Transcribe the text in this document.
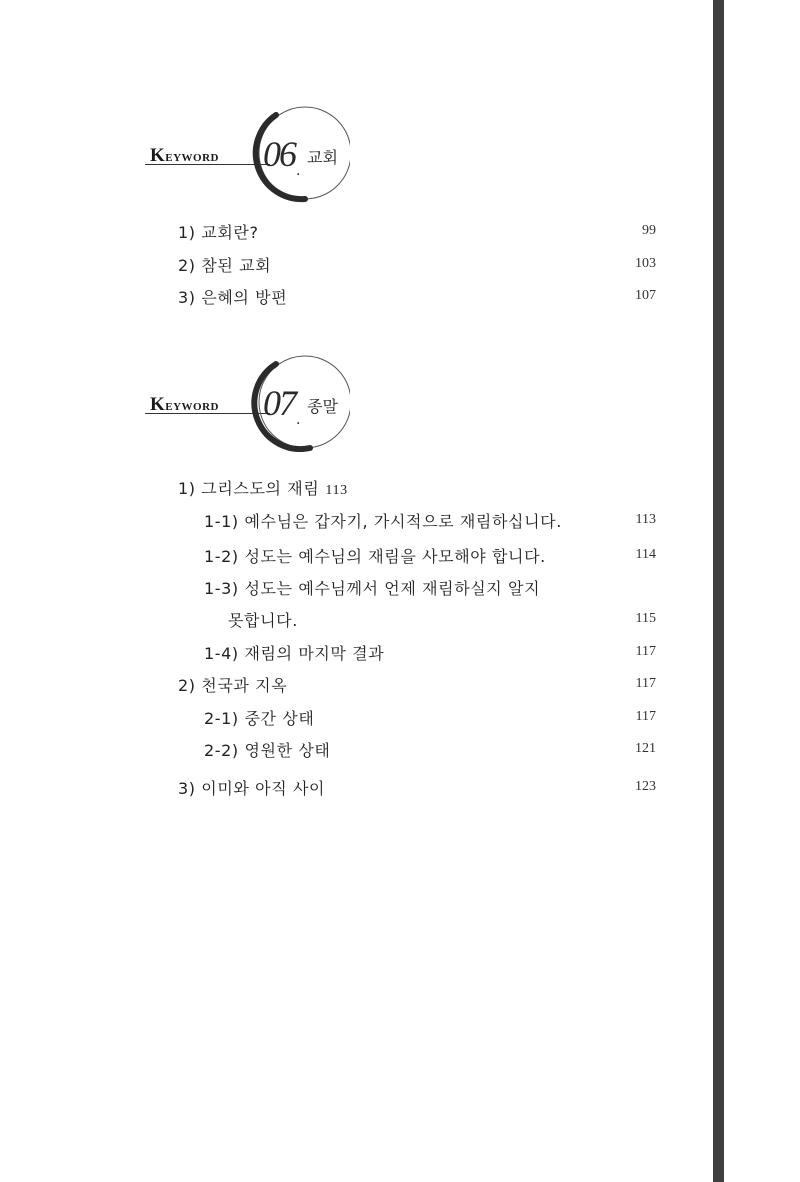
Keyword 06 .
교회
1) 교회란?	99
2) 참된 교회	103
3) 은혜의 방편	107
Keyword 07 .
종말
1) 그리스도의 재림 113
1-1) 예수님은 갑자기, 가시적으로 재림하십니다.	113
1-2) 성도는 예수님의 재림을 사모해야 합니다.	114
1-3) 성도는 예수님께서 언제 재림하실지 알지
못합니다.	115
1-4) 재림의 마지막 결과	117
2) 천국과 지옥	117
2-1) 중간 상태	117
2-2) 영원한 상태	121
3) 이미와 아직 사이	123
